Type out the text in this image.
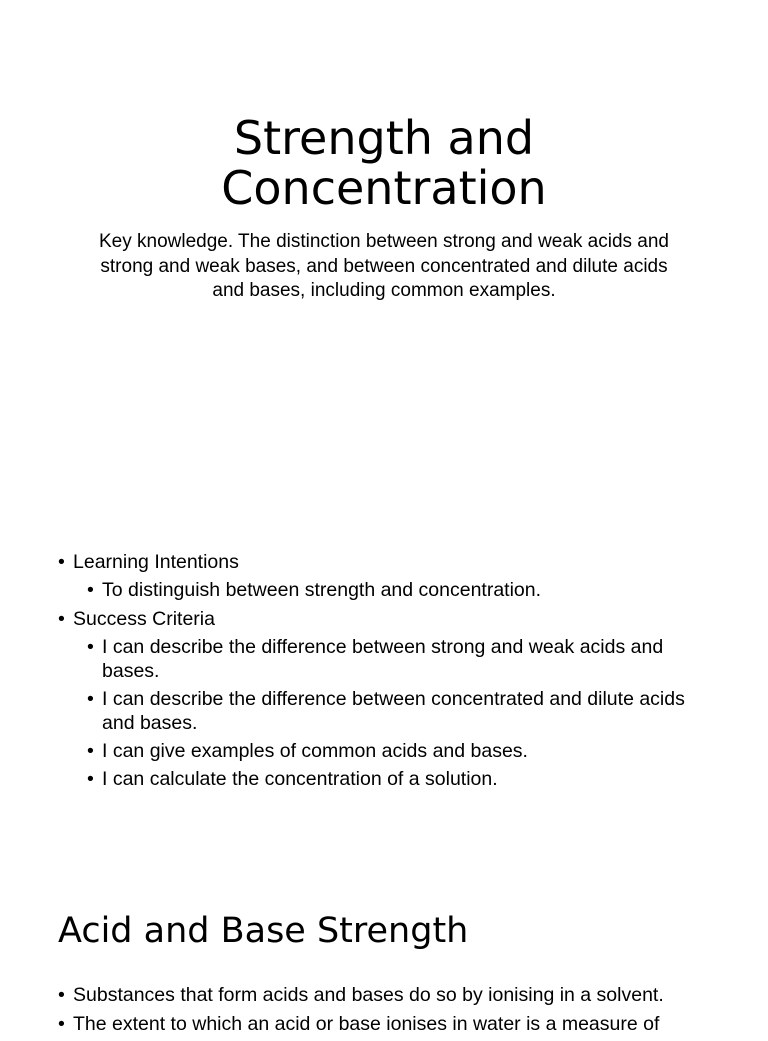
Strength and Concentration

Key knowledge. The distinction between strong and weak acids and strong and weak bases, and between concentrated and dilute acids and bases, including common examples.

• Learning Intentions
• To distinguish between strength and concentration.
• Success Criteria
• I can describe the difference between strong and weak acids and bases.
• I can describe the difference between concentrated and dilute acids and bases.
• I can give examples of common acids and bases.
• I can calculate the concentration of a solution.
Acid and Base Strength
• Substances that form acids and bases do so by ionising in a solvent.
• The extent to which an acid or base ionises in water is a measure of
